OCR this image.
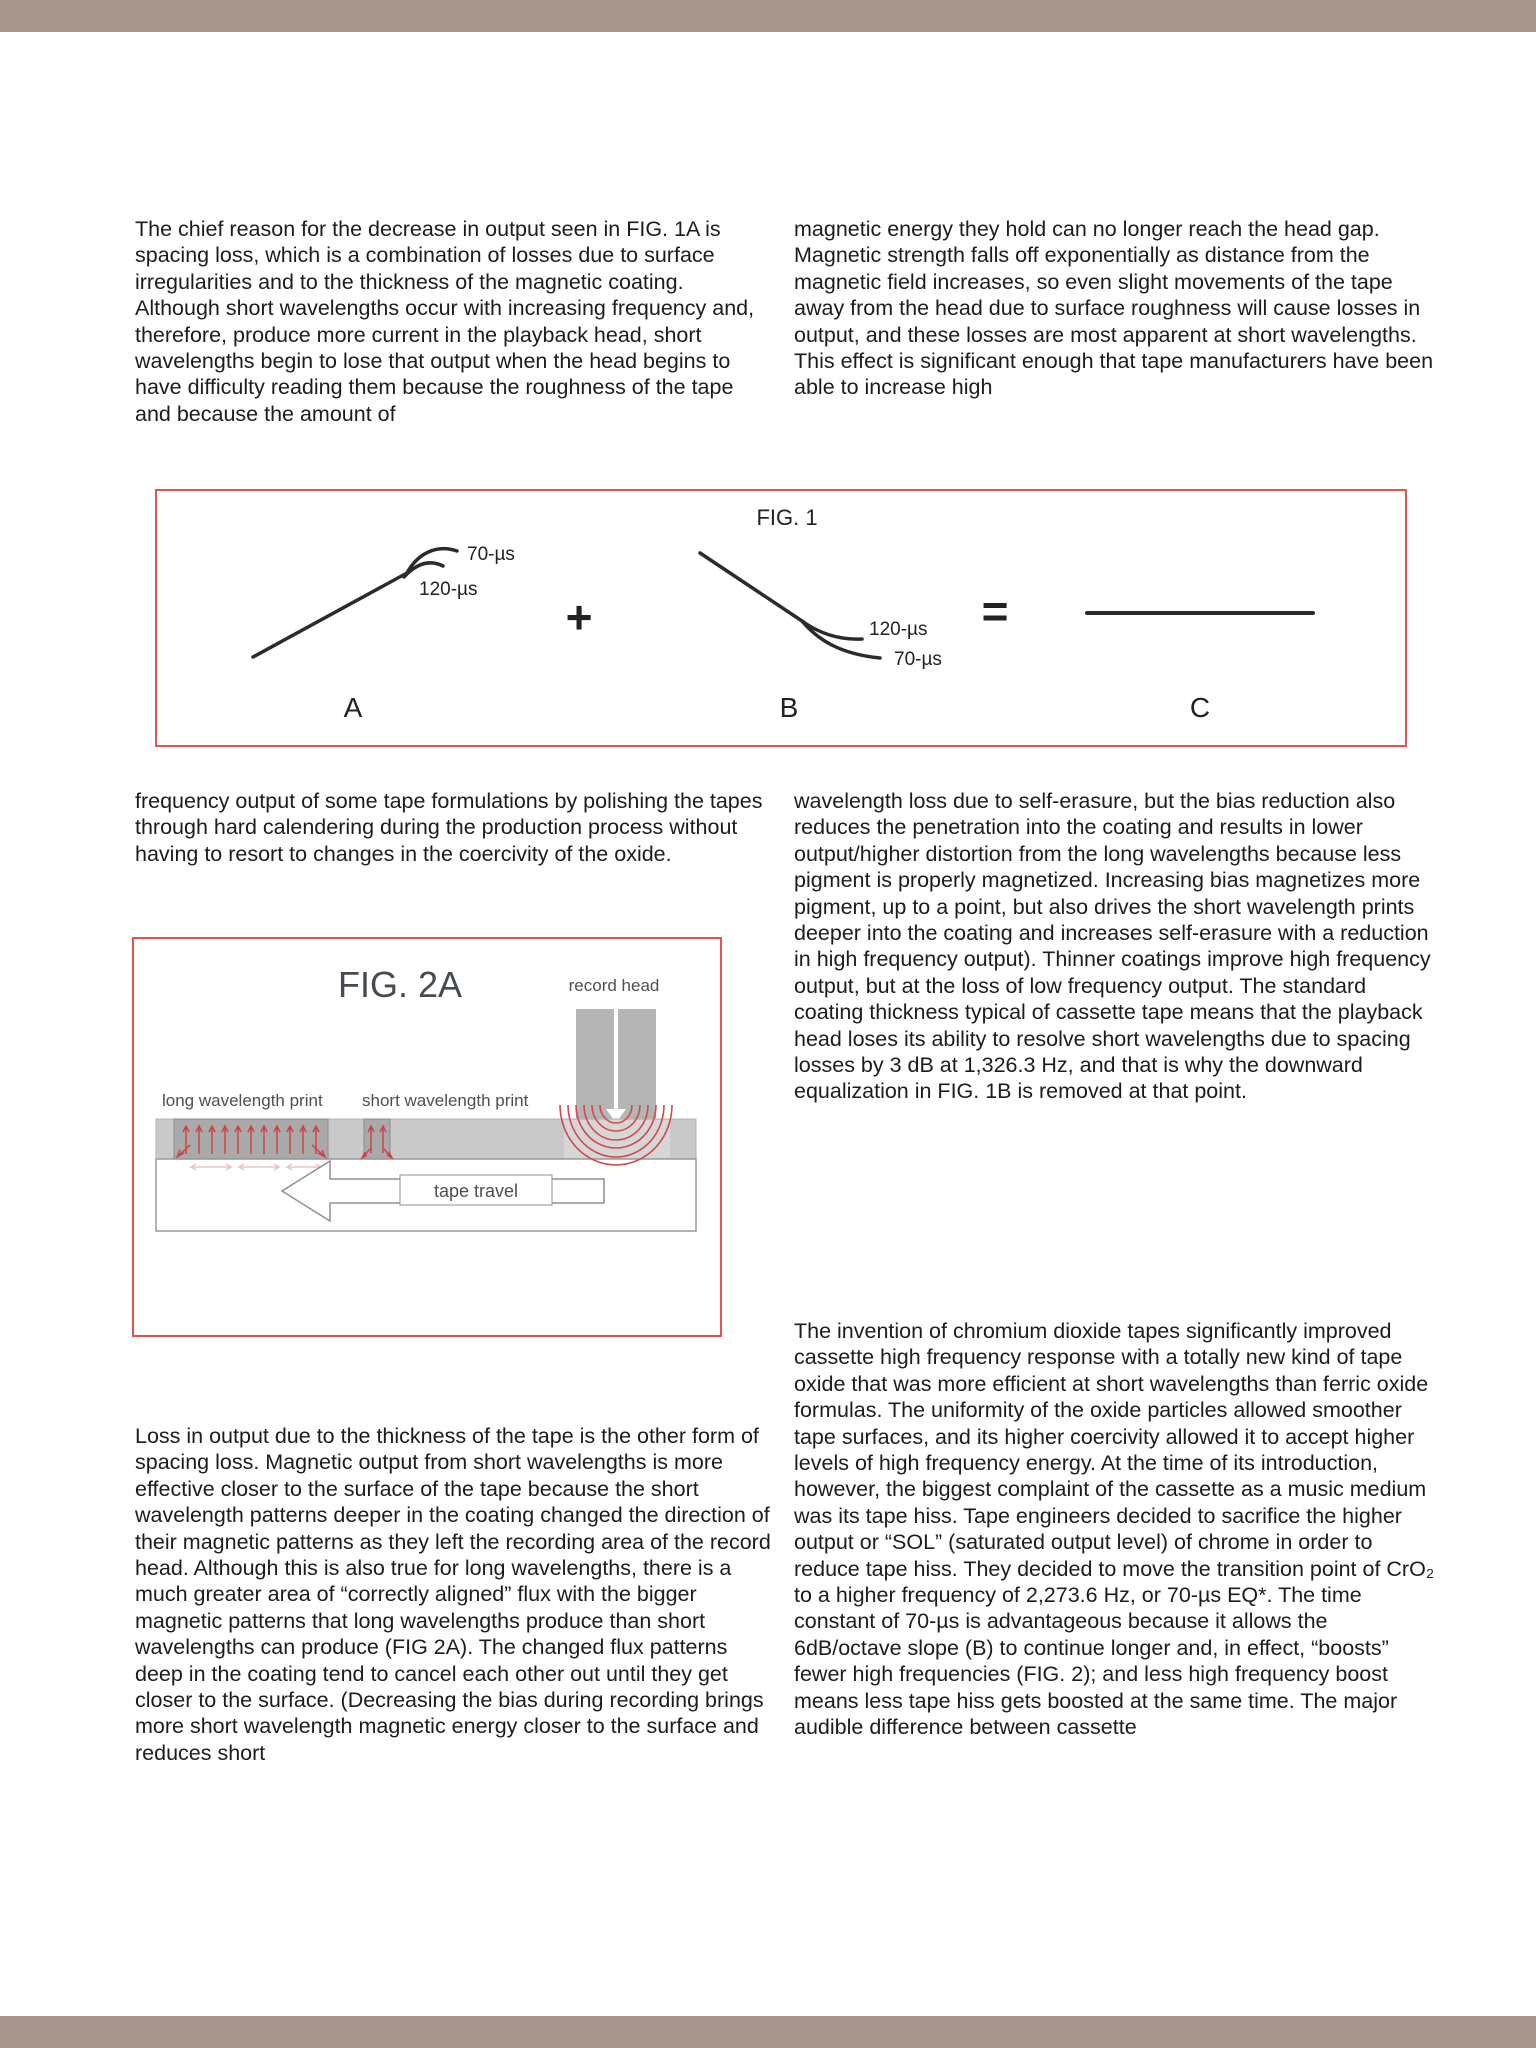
The chief reason for the decrease in output seen in FIG. 1A is spacing loss, which is a combination of losses due to surface irregularities and to the thickness of the magnetic coating. Although short wavelengths occur with increasing frequency and, therefore, produce more current in the playback head, short wavelengths begin to lose that output when the head begins to have difficulty reading them because the roughness of the tape and because the amount of
magnetic energy they hold can no longer reach the head gap. Magnetic strength falls off exponentially as distance from the magnetic field increases, so even slight movements of the tape away from the head due to surface roughness will cause losses in output, and these losses are most apparent at short wavelengths. This effect is significant enough that tape manufacturers have been able to increase high
FIG. 1
70-µs
120-µs
A
+	120-µs
70-µs
B
=
C
frequency output of some tape formulations by polishing the tapes through hard calendering during the production process without having to resort to changes in the coercivity of the oxide.
wavelength loss due to self-erasure, but the bias reduction also reduces the penetration into the coating and results in lower output/higher distortion from the long wavelengths because less pigment is properly magnetized. Increasing bias magnetizes more pigment, up to a point, but also drives the short wavelength prints deeper into the coating and increases self-erasure with a reduction in high frequency output). Thinner coatings improve high frequency output, but at the loss of low frequency output. The standard coating thickness typical of cassette tape means that the playback head loses its ability to resolve short wavelengths due to spacing losses by 3 dB at 1,326.3 Hz, and that is why the downward equalization in FIG. 1B is removed at that point.
The invention of chromium dioxide tapes significantly improved cassette high frequency response with a totally new kind of tape oxide that was more efficient at short wavelengths than ferric oxide formulas. The uniformity of the oxide particles allowed smoother tape surfaces, and its higher coercivity allowed it to accept higher levels of high frequency energy. At the time of its introduction, however, the biggest complaint of the cassette as a music medium was its tape hiss. Tape engineers decided to sacrifice the higher output or “SOL” (saturated output level) of chrome in order to reduce tape hiss. They decided to move the transition point of CrO₂ to a higher frequency of 2,273.6 Hz, or 70-µs EQ*. The time constant of 70-µs is advantageous because it allows the 6dB/octave slope (B) to continue longer and, in effect, “boosts” fewer high frequencies (FIG. 2); and less high frequency boost means less tape hiss gets boosted at the same time. The major audible difference between cassette
FIG. 2A	record head
long wavelength print short wavelength print
tape travel
Loss in output due to the thickness of the tape is the other form of spacing loss. Magnetic output from short wavelengths is more effective closer to the surface of the tape because the short wavelength patterns deeper in the coating changed the direction of their magnetic patterns as they left the recording area of the record head. Although this is also true for long wavelengths, there is a much greater area of “correctly aligned” flux with the bigger magnetic patterns that long wavelengths produce than short wavelengths can produce (FIG 2A). The changed flux patterns deep in the coating tend to cancel each other out until they get closer to the surface. (Decreasing the bias during recording brings more short wavelength magnetic energy closer to the surface and reduces short
